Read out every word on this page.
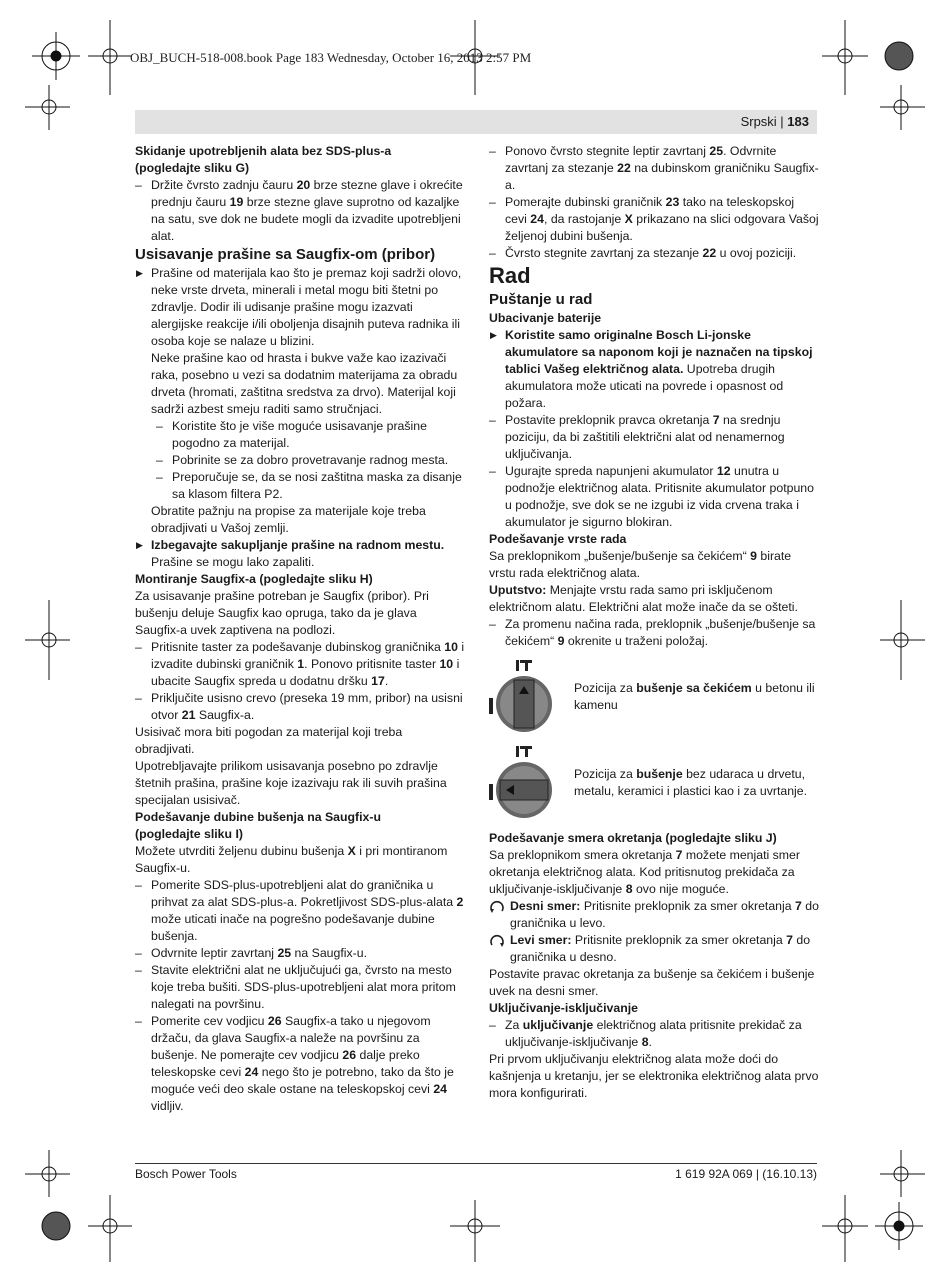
OBJ_BUCH-518-008.book Page 183 Wednesday, October 16, 2013 2:57 PM
Srpski | 183

Skidanje upotrebljenih alata bez SDS-plus-a
(pogledajte sliku G)

– Držite čvrsto zadnju čauru 20 brze stezne glave i okrećite prednju čauru 19 brze stezne glave suprotno od kazaljke na satu, sve dok ne budete mogli da izvadite upotrebljeni alat.

Usisavanje prašine sa Saugfix-om (pribor)

▶ Prašine od materijala kao što je premaz koji sadrži olovo, neke vrste drveta, minerali i metal mogu biti štetni po zdravlje. Dodir ili udisanje prašine mogu izazvati alergijske reakcije i/ili oboljenja disajnih puteva radnika ili osoba koje se nalaze u blizini.

Neke prašine kao od hrasta i bukve važe kao izazivači raka, posebno u vezi sa dodatnim materijama za obradu drveta (hromati, zaštitna sredstva za drvo). Materijal koji sadrži azbest smeju raditi samo stručnjaci.

– Koristite što je više moguće usisavanje prašine pogodno za materijal.

– Pobrinite se za dobro provetravanje radnog mesta.

– Preporučuje se, da se nosi zaštitna maska za disanje sa klasom filtera P2.

Obratite pažnju na propise za materijale koje treba obradjivati u Vašoj zemlji.

▶ Izbegavajte sakupljanje prašine na radnom mestu.
Prašine se mogu lako zapaliti.

Montiranje Saugfix-a (pogledajte sliku H)

Za usisavanje prašine potreban je Saugfix (pribor). Pri bušenju deluje Saugfix kao opruga, tako da je glava Saugfix-a uvek zaptivena na podlozi.

– Pritisnite taster za podešavanje dubinskog graničnika 10 i izvadite dubinski graničnik 1. Ponovo pritisnite taster 10 i ubacite Saugfix spreda u dodatnu dršku 17.

– Priključite usisno crevo (preseka 19 mm, pribor) na usisni otvor 21 Saugfix-a.

Usisivač mora biti pogodan za materijal koji treba obradjivati.

Upotrebljavajte prilikom usisavanja posebno po zdravlje štetnih prašina, prašine koje izazivaju rak ili suvih prašina specijalan usisivač.

Podešavanje dubine bušenja na Saugfix-u
(pogledajte sliku I)

Možete utvrditi željenu dubinu bušenja X i pri montiranom Saugfix-u.

– Pomerite SDS-plus-upotrebljeni alat do graničnika u prihvat za alat SDS-plus-a. Pokretljivost SDS-plus-alata 2 može uticati inače na pogrešno podešavanje dubine bušenja.

– Odvrnite leptir zavrtanj 25 na Saugfix-u.

– Stavite električni alat ne uključujući ga, čvrsto na mesto koje treba bušiti. SDS-plus-upotrebljeni alat mora pritom nalegati na površinu.

– Pomerite cev vodjicu 26 Saugfix-a tako u njegovom držaču, da glava Saugfix-a naleže na površinu za bušenje. Ne pomerajte cev vodjicu 26 dalje preko teleskopske cevi 24 nego što je potrebno, tako da što je moguće veći deo skale ostane na teleskopskoj cevi 24 vidljiv.

– Ponovo čvrsto stegnite leptir zavrtanj 25. Odvrnite zavrtanj za stezanje 22 na dubinskom graničniku Saugfix-a.

– Pomerajte dubinski graničnik 23 tako na teleskopskoj cevi 24, da rastojanje X prikazano na slici odgovara Vašoj željenoj dubini bušenja.

– Čvrsto stegnite zavrtanj za stezanje 22 u ovoj poziciji.

Rad

Puštanje u rad

Ubacivanje baterije

▶ Koristite samo originalne Bosch Li-jonske akumulatore sa naponom koji je naznačen na tipskoj tablici Vašeg električnog alata. Upotreba drugih akumulatora može uticati na povrede i opasnost od požara.

– Postavite preklopnik pravca okretanja 7 na srednju poziciju, da bi zaštitili električni alat od nenamernog uključivanja.

– Ugurajte spreda napunjeni akumulator 12 unutra u podnožje električnog alata. Pritisnite akumulator potpuno u podnožje, sve dok se ne izgubi iz vida crvena traka i akumulator je sigurno blokiran.

Podešavanje vrste rada

Sa preklopnikom „bušenje/bušenje sa čekićem“ 9 birate vrstu rada električnog alata.

Uputstvo: Menjajte vrstu rada samo pri isključenom električnom alatu. Električni alat može inače da se ošteti.

– Za promenu načina rada, preklopnik „bušenje/bušenje sa čekićem“ 9 okrenite u traženi položaj.

Pozicija za bušenje sa čekićem u betonu ili kamenu
Pozicija za bušenje bez udaraca u drvetu, metalu, keramici i plastici kao i za uvrtanje.

Podešavanje smera okretanja (pogledajte sliku J)

Sa preklopnikom smera okretanja 7 možete menjati smer okretanja električnog alata. Kod pritisnutog prekidača za uključivanje-isključivanje 8 ovo nije moguće.

Desni smer: Pritisnite preklopnik za smer okretanja 7 do graničnika u levo.

Levi smer: Pritisnite preklopnik za smer okretanja 7 do graničnika u desno.

Postavite pravac okretanja za bušenje sa čekićem i bušenje uvek na desni smer.

Uključivanje-isključivanje

– Za uključivanje električnog alata pritisnite prekidač za uključivanje-isključivanje 8.

Pri prvom uključivanju električnog alata može doći do kašnjenja u kretanju, jer se elektronika električnog alata prvo mora konfigurirati.

Bosch Power Tools	1 619 92A 069 | (16.10.13)
